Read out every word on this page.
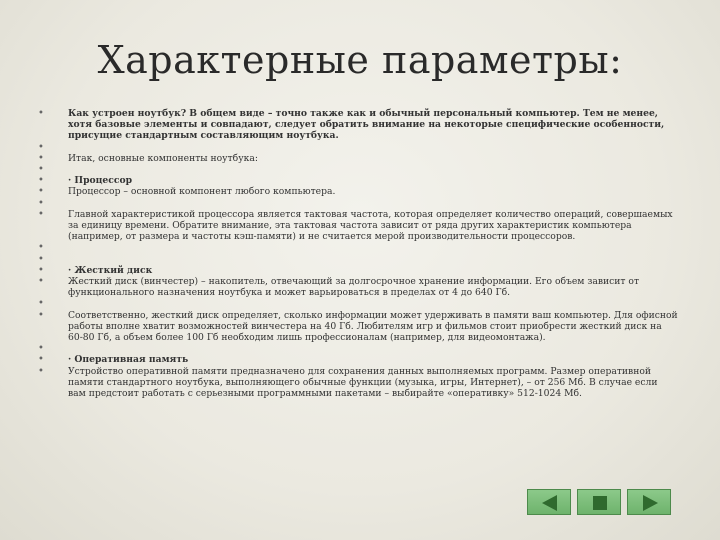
Характерные параметры:
•	Как устроен ноутбук? В общем виде – точно также как и обычный персональный компьютер. Тем не менее, хотя базовые элементы и совпадают, следует обратить внимание на некоторые специфические особенности, присущие стандартным составляющим ноутбука.
•
•	Итак, основные компоненты ноутбука:
•
•	· Процессор
•	Процессор – основной компонент любого компьютера.
•
•	Главной характеристикой процессора является тактовая частота, которая определяет количество операций, совершаемых за единицу времени. Обратите внимание, эта тактовая частота зависит от ряда других характеристик компьютера (например, от размера и частоты кэш-памяти) и не считается мерой производительности процессоров.
•
•
•	· Жесткий диск
•	Жесткий диск (винчестер) – накопитель, отвечающий за долгосрочное хранение информации. Его объем зависит от функционального назначения ноутбука и может варьироваться в пределах от 4 до 640 Гб.
•
•	Соответственно, жесткий диск определяет, сколько информации может удерживать в памяти ваш компьютер. Для офисной работы вполне хватит возможностей винчестера на 40 Гб. Любителям игр и фильмов стоит приобрести жесткий диск на 60-80 Гб, а объем более 100 Гб необходим лишь профессионалам (например, для видеомонтажа).
•
•	· Оперативная память
•	Устройство оперативной памяти предназначено для сохранения данных выполняемых программ. Размер оперативной памяти стандартного ноутбука, выполняющего обычные функции (музыка, игры, Интернет), – от 256 Мб. В случае если вам предстоит работать с серьезными программными пакетами – выбирайте «оперативку» 512-1024 Мб.
